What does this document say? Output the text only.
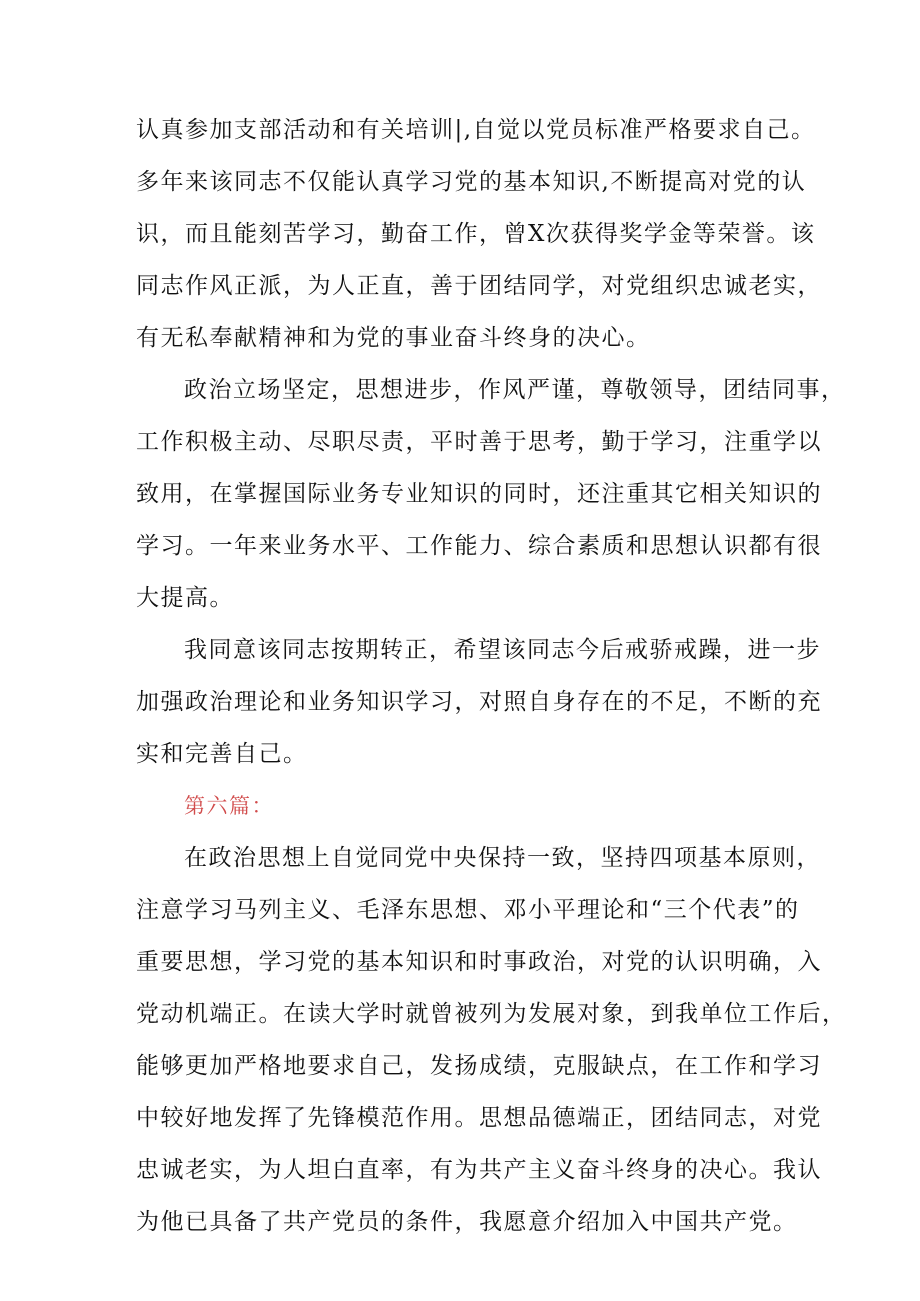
认真参加支部活动和有关培训|,自觉以党员标准严格要求自己。
多年来该同志不仅能认真学习党的基本知识,不断提高对党的认
识，而且能刻苦学习，勤奋工作，曾X次获得奖学金等荣誉。该
同志作风正派，为人正直，善于团结同学，对党组织忠诚老实，
有无私奉献精神和为党的事业奋斗终身的决心。
政治立场坚定，思想进步，作风严谨，尊敬领导，团结同事，
工作积极主动、尽职尽责，平时善于思考，勤于学习，注重学以
致用，在掌握国际业务专业知识的同时，还注重其它相关知识的
学习。一年来业务水平、工作能力、综合素质和思想认识都有很
大提高。
我同意该同志按期转正，希望该同志今后戒骄戒躁，进一步
加强政治理论和业务知识学习，对照自身存在的不足，不断的充
实和完善自己。
第六篇：
在政治思想上自觉同党中央保持一致，坚持四项基本原则，
注意学习马列主义、毛泽东思想、邓小平理论和“三个代表”的
重要思想，学习党的基本知识和时事政治，对党的认识明确，入
党动机端正。在读大学时就曾被列为发展对象，到我单位工作后，
能够更加严格地要求自己，发扬成绩，克服缺点，在工作和学习
中较好地发挥了先锋模范作用。思想品德端正，团结同志，对党
忠诚老实，为人坦白直率，有为共产主义奋斗终身的决心。我认
为他已具备了共产党员的条件，我愿意介绍加入中国共产党。
